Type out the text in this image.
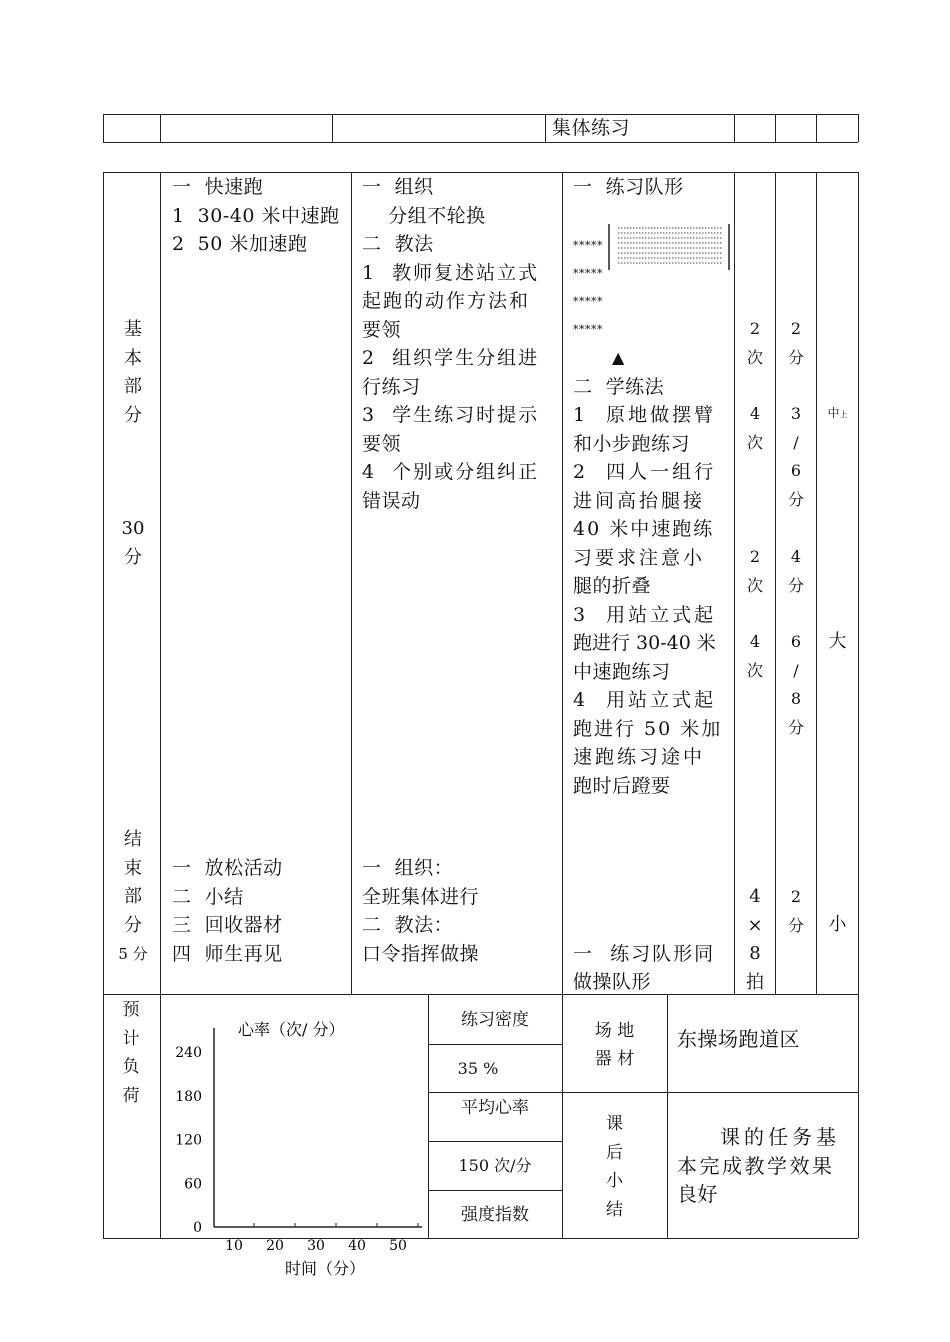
集体练习
基
本
部
分
30
分
一  快速跑
1  30-40 米中速跑
2  50 米加速跑
一  组织
分组不轮换
二  教法
1  教师复述站立式
起跑的动作方法和
要领
2  组织学生分组进
行练习
3  学生练习时提示
要领
4  个别或分组纠正
错误动
一  练习队形
*****
*****
*****
*****
▲
二  学练法
1  原地做摆臂
和小步跑练习
2  四人一组行
进间高抬腿接
40 米中速跑练
习要求注意小
腿的折叠
3  用站立式起
跑进行 30-40 米
中速跑练习
4  用站立式起
跑进行 50 米加
速跑练习途中
跑时后蹬要
2
次
4
次
2
次
4
次
2
分
3
/
6
分
4
分
6
/
8
分
中上
大
结
束
部
分
5 分
一  放松活动
二  小结
三  回收器材
四  师生再见
一  组织：
全班集体进行
二  教法：
口令指挥做操	一  练习队形同
做操队形
4
×
8
拍
2
分	小
预
计
负
荷
心率（次/ 分）
0
60
120
180
240
10 20 30 40 50
时间（分）
练习密度
35 %
平均心率
150 次/分
强度指数
场 地
器 材
东操场跑道区
课
后
小
结
课的任务基
本完成教学效果
良好
